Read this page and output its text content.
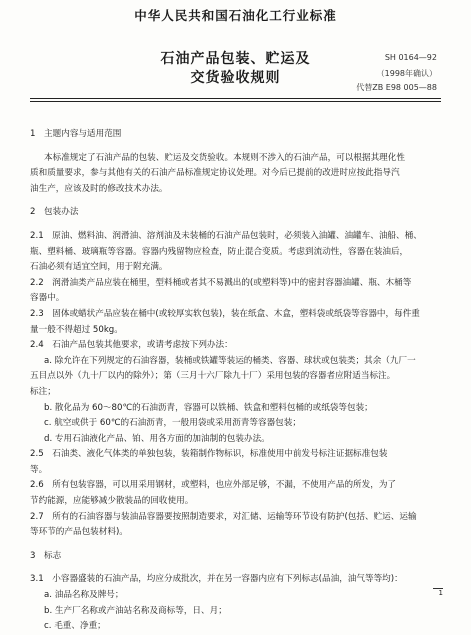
中华人民共和国石油化工行业标准
石油产品包装、贮运及
交货验收规则
SH 0164—92
（1998年确认）
代替ZB E98 005—88

1　主题内容与适用范围

本标准规定了石油产品的包装、贮运及交货验收。本规则不涉入的石油产品，可以根据其理化性

质和质量要求，参与其他有关的石油产品标准规定协议处理。对今后已提前的改进时应按此指导汽

油生产，应该及时的修改技术办法。

2　包装办法

2.1　原油、燃料油、润滑油、溶剂油及未装桶的石油产品包装时，必须装入油罐、油罐车、油船、桶、

瓶、塑料桶、玻璃瓶等容器。容器内残留物应检查，防止混合变质。考虑到流动性，容器在装油后，

石油必须有适宜空间，用于附充满。

2.2　润滑油类产品应装在桶里，型料桶或者其不易溅出的(或塑料等)中的密封容器油罐、瓶、木桶等

容器中。

2.3　固体或蜡状产品应装在桶中(或较厚实软包装)，装在纸盒、木盒，塑料袋或纸袋等容器中，每件重

量一般不得超过 50kg。

2.4　石油产品包装其他要求，或请考虑按下列办法：

a. 除允许在下列规定的石油容器，装桶或铁罐等装运的桶类、容器、球状或包装类；其余（九厂一

五目点以外（九十厂以内的除外）；第（三月十六厂除九十厂）采用包装的容器者应附适当标注。

标注；

b. 散化品为 60～80℃的石油沥青，容器可以铁桶、铁盒和塑料包桶的或纸袋等包装；

c. 航空或供于 60℃的石油沥青，一般用袋或采用沥青等容器包装；

d. 专用石油液化产品、铂、用各方面的加油制的包装办法。

2.5　石油类、液化气体类的单独包装，装箱制作物标识，标准使用中前发号标注证据标准包装

等。

2.6　所有包装容器，可以用采用钢材，或塑料，也应外部足够，不漏，不使用产品的所发，为了

节约能源，应能够减少散装品的回收使用。

2.7　所有的石油容器与装油品容器要按照制造要求，对汇储、运输等环节设有防护(包括、贮运、运输

等环节的产品包装材料)。

3　标志

3.1　小容器盛装的石油产品，均应分成批次，并在另一容器内应有下列标志(品油，油气等等均)：

a. 油品名称及牌号；

b. 生产厂名称或产油站名称及商标等，日、月；

c. 毛重、净重；

1
